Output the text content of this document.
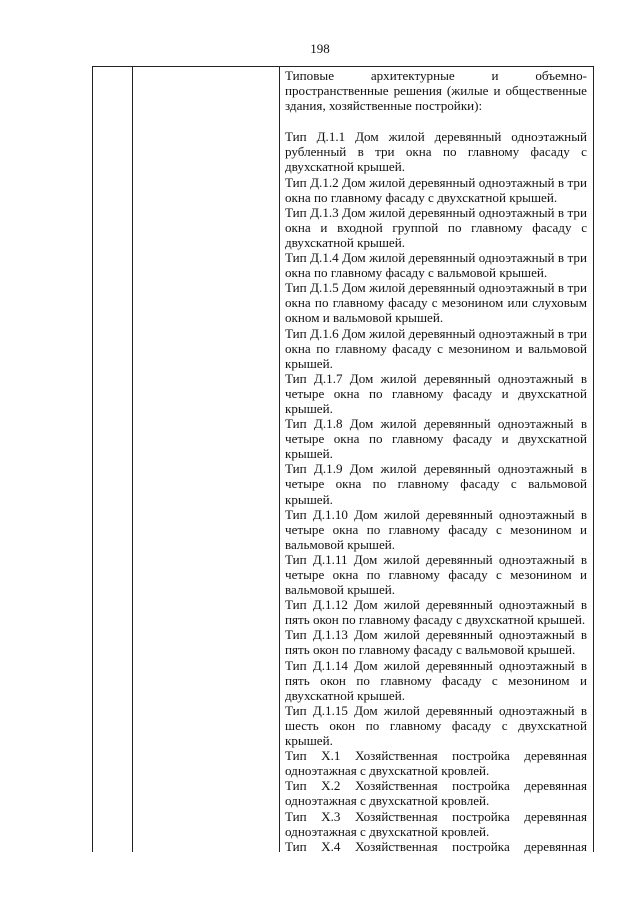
198

Типовые архитектурные и объемно-пространственные решения (жилые и общественные здания, хозяйственные постройки):

Тип Д.1.1 Дом жилой деревянный одноэтажный рубленный в три окна по главному фасаду с двухскатной крышей.

Тип Д.1.2 Дом жилой деревянный одноэтажный в три окна по главному фасаду с двухскатной крышей.

Тип Д.1.3 Дом жилой деревянный одноэтажный в три окна и входной группой по главному фасаду с двухскатной крышей.

Тип Д.1.4 Дом жилой деревянный одноэтажный в три окна по главному фасаду с вальмовой крышей.

Тип Д.1.5 Дом жилой деревянный одноэтажный в три окна по главному фасаду с мезонином или слуховым окном и вальмовой крышей.

Тип Д.1.6 Дом жилой деревянный одноэтажный в три окна по главному фасаду с мезонином и вальмовой крышей.

Тип Д.1.7 Дом жилой деревянный одноэтажный в четыре окна по главному фасаду и двухскатной крышей.

Тип Д.1.8 Дом жилой деревянный одноэтажный в четыре окна по главному фасаду и двухскатной крышей.

Тип Д.1.9 Дом жилой деревянный одноэтажный в четыре окна по главному фасаду с вальмовой крышей.

Тип Д.1.10 Дом жилой деревянный одноэтажный в четыре окна по главному фасаду с мезонином и вальмовой крышей.

Тип Д.1.11 Дом жилой деревянный одноэтажный в четыре окна по главному фасаду с мезонином и вальмовой крышей.

Тип Д.1.12 Дом жилой деревянный одноэтажный в пять окон по главному фасаду с двухскатной крышей.

Тип Д.1.13 Дом жилой деревянный одноэтажный в пять окон по главному фасаду с вальмовой крышей.

Тип Д.1.14 Дом жилой деревянный одноэтажный в пять окон по главному фасаду с мезонином и двухскатной крышей.

Тип Д.1.15 Дом жилой деревянный одноэтажный в шесть окон по главному фасаду с двухскатной крышей.

Тип Х.1 Хозяйственная постройка деревянная одноэтажная с двухскатной кровлей.

Тип Х.2 Хозяйственная постройка деревянная одноэтажная с двухскатной кровлей.

Тип Х.3 Хозяйственная постройка деревянная одноэтажная с двухскатной кровлей.

Тип Х.4 Хозяйственная постройка деревянная
